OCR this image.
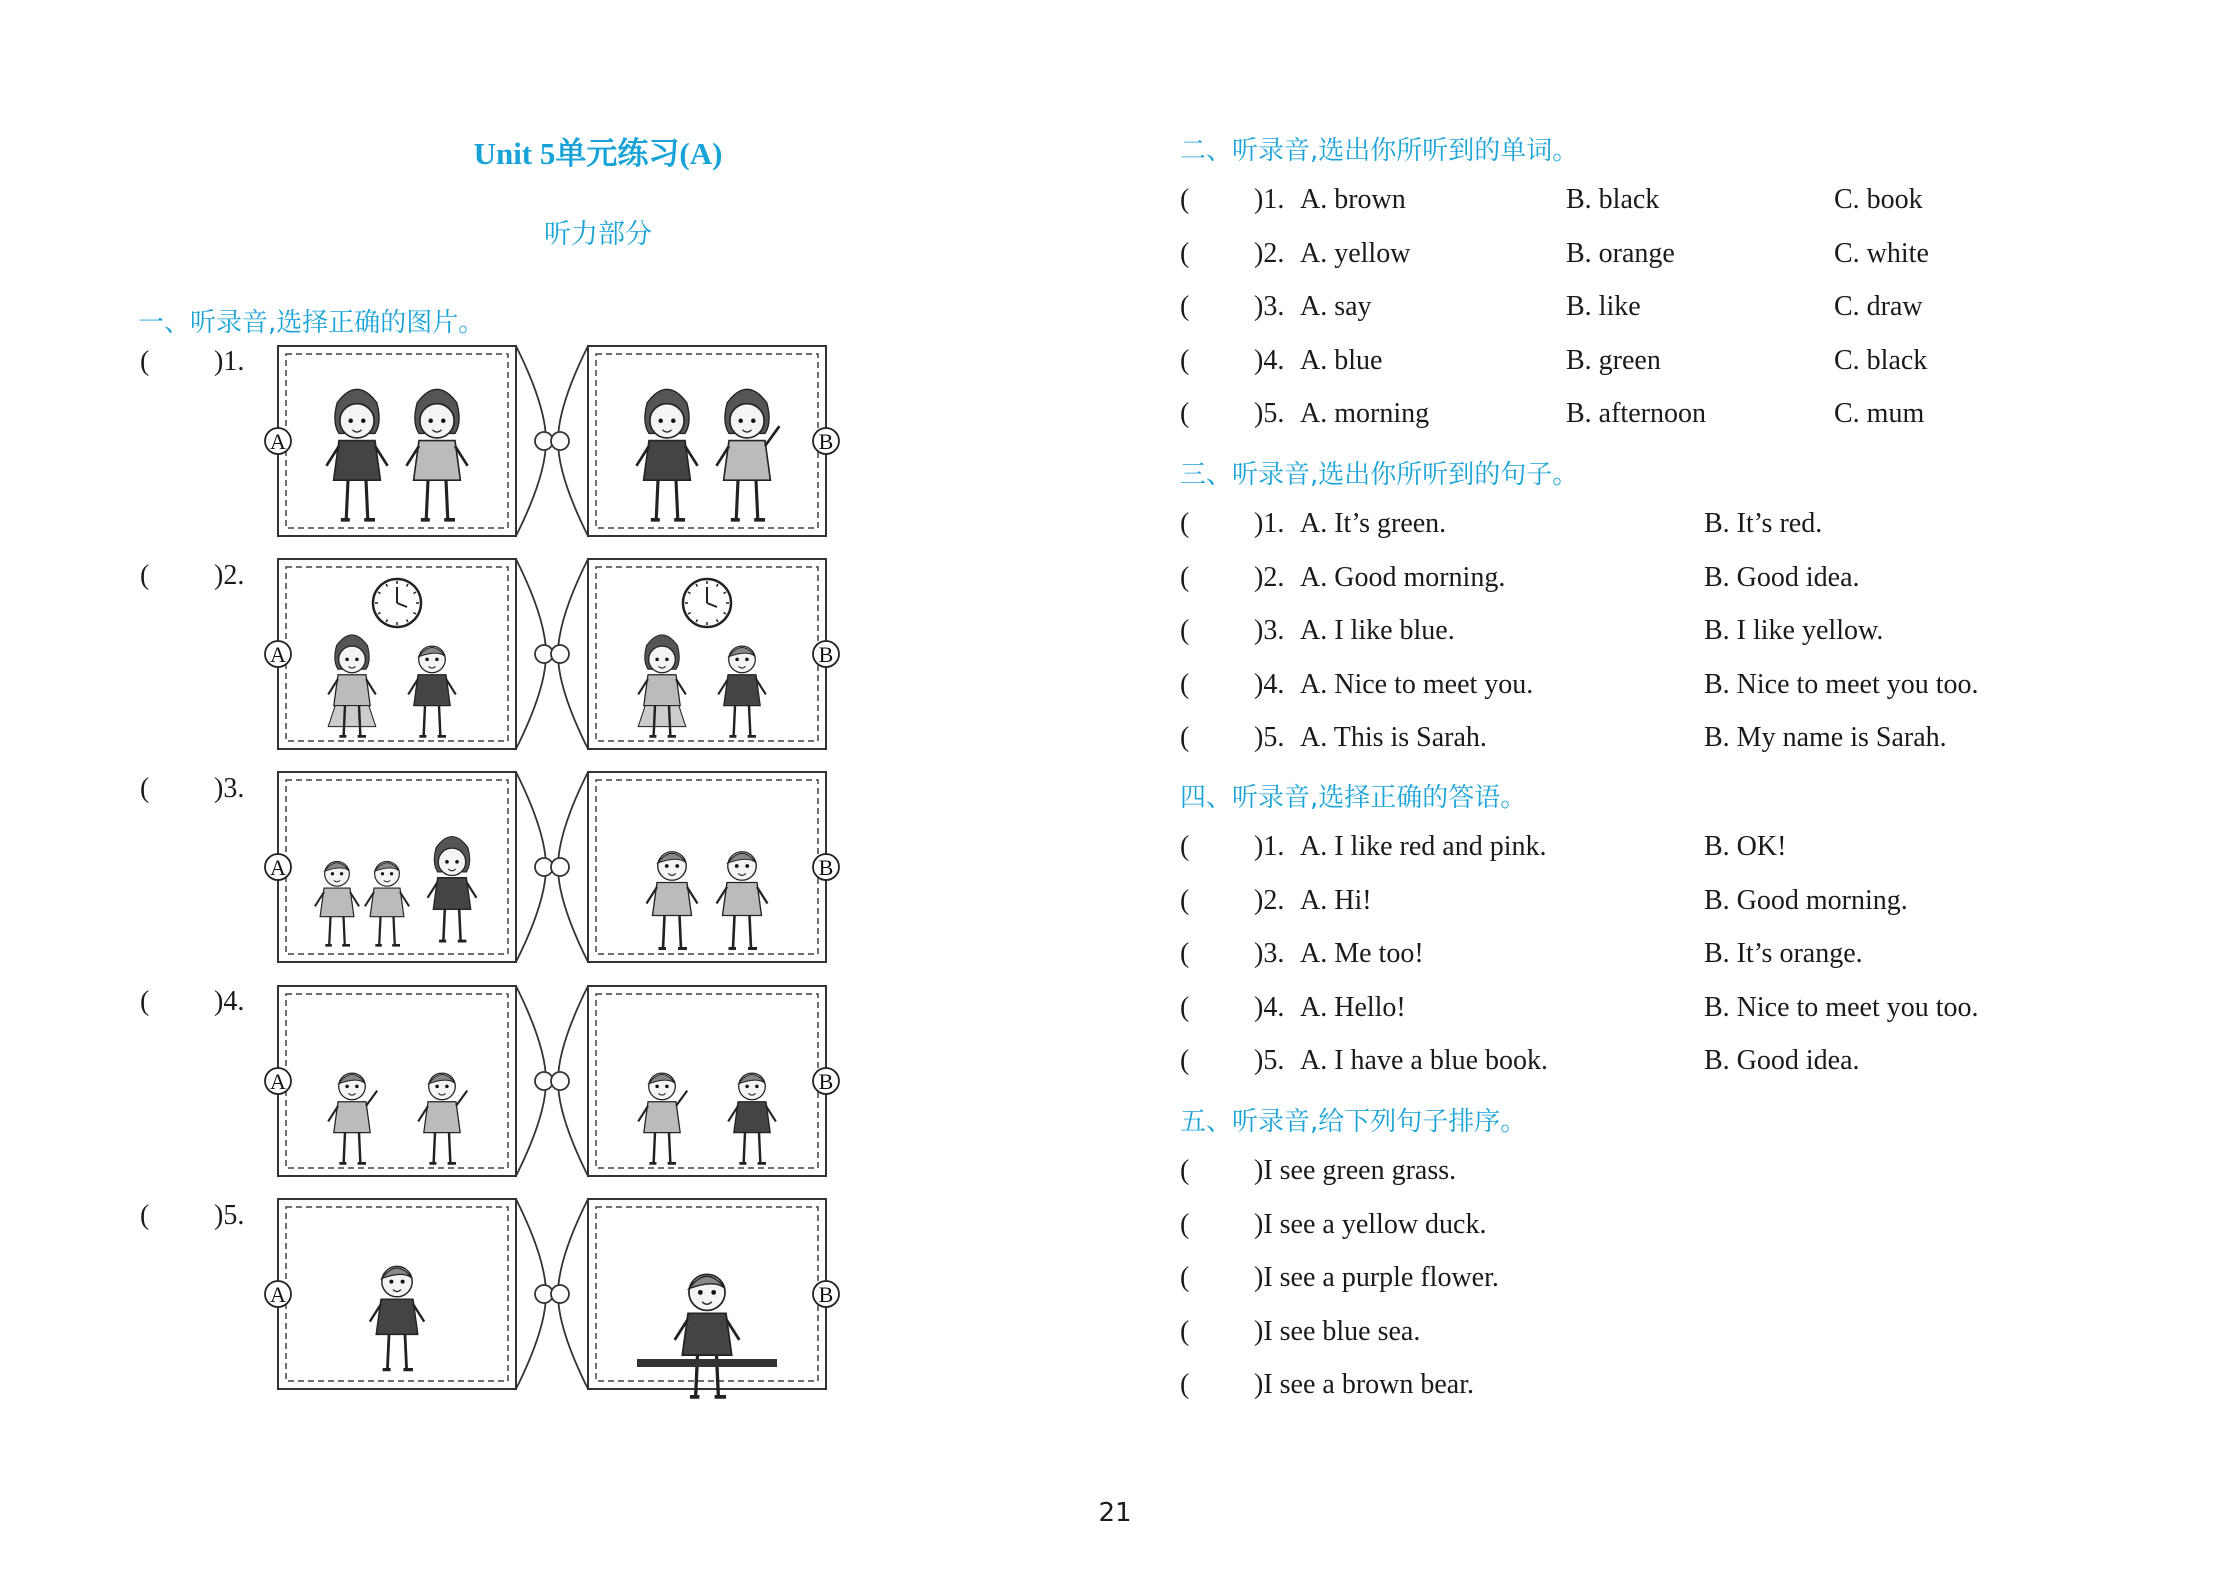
Unit 5单元练习(A)
听力部分
一、听录音,选择正确的图片。
( )1.
( )2.
( )3.
( )4.
( )5.
A	B
A	B
A	B
A	B
A	B
二、听录音,选出你所听到的单词。
( )1. A. brown	B. black	C. book
( )2. A. yellow	B. orange	C. white
( )3. A. say	B. like	C. draw
( )4. A. blue	B. green	C. black
( )5. A. morning	B. afternoon	C. mum
三、听录音,选出你所听到的句子。
( )1. A. It’s green.	B. It’s red.
( )2. A. Good morning.	B. Good idea.
( )3. A. I like blue.	B. I like yellow.
( )4. A. Nice to meet you.	B. Nice to meet you too.
( )5. A. This is Sarah.	B. My name is Sarah.
四、听录音,选择正确的答语。
( )1. A. I like red and pink.	B. OK!
( )2. A. Hi!	B. Good morning.
( )3. A. Me too!	B. It’s orange.
( )4. A. Hello!	B. Nice to meet you too.
( )5. A. I have a blue book.	B. Good idea.
五、听录音,给下列句子排序。
( )I see green grass.
( )I see a yellow duck.
( )I see a purple flower.
( )I see blue sea.
( )I see a brown bear.
21
